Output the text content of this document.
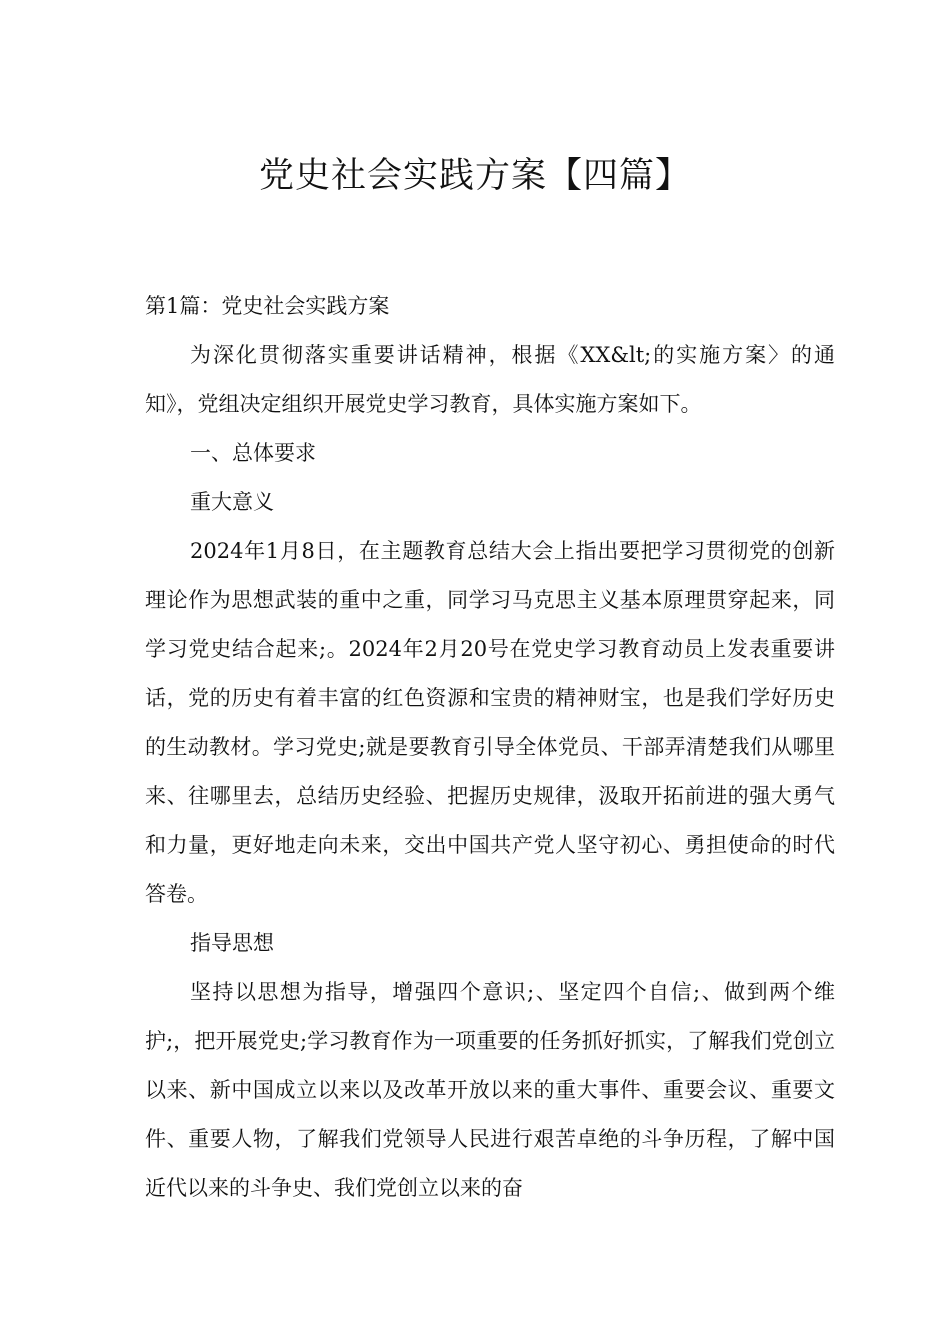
党史社会实践方案【四篇】

第1篇：党史社会实践方案

为深化贯彻落实重要讲话精神，根据《XX&lt;的实施方案〉的通知》，党组决定组织开展党史学习教育，具体实施方案如下。

一、总体要求

重大意义

2024年1月8日，在主题教育总结大会上指出要把学习贯彻党的创新理论作为思想武装的重中之重，同学习马克思主义基本原理贯穿起来，同学习党史结合起来;。2024年2月20号在党史学习教育动员上发表重要讲话，党的历史有着丰富的红色资源和宝贵的精神财宝，也是我们学好历史的生动教材。学习党史;就是要教育引导全体党员、干部弄清楚我们从哪里来、往哪里去，总结历史经验、把握历史规律，汲取开拓前进的强大勇气和力量，更好地走向未来，交出中国共产党人坚守初心、勇担使命的时代答卷。

指导思想

坚持以思想为指导，增强四个意识;、坚定四个自信;、做到两个维护;，把开展党史;学习教育作为一项重要的任务抓好抓实，了解我们党创立以来、新中国成立以来以及改革开放以来的重大事件、重要会议、重要文件、重要人物，了解我们党领导人民进行艰苦卓绝的斗争历程，了解中国近代以来的斗争史、我们党创立以来的奋
